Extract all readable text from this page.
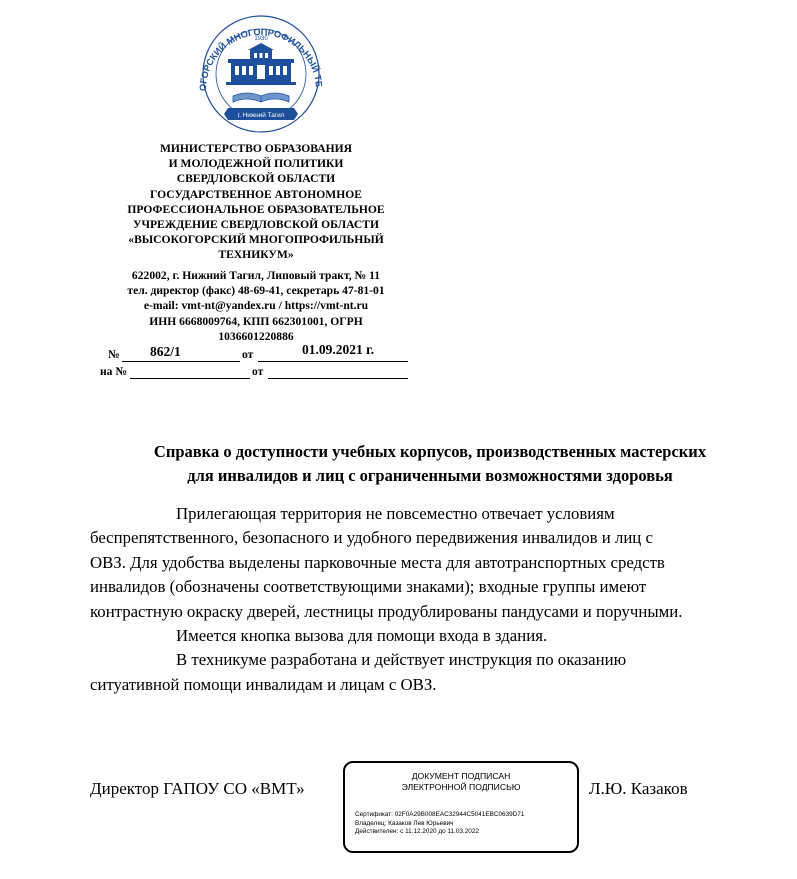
ОГОРСКИЙ МНОГОПРОФИЛЬНЫЙ ТЕ
1930
г. Нижний Тагил
МИНИСТЕРСТВО ОБРАЗОВАНИЯ
И МОЛОДЕЖНОЙ ПОЛИТИКИ
СВЕРДЛОВСКОЙ ОБЛАСТИ
ГОСУДАРСТВЕННОЕ АВТОНОМНОЕ
ПРОФЕССИОНАЛЬНОЕ ОБРАЗОВАТЕЛЬНОЕ
УЧРЕЖДЕНИЕ СВЕРДЛОВСКОЙ ОБЛАСТИ
«ВЫСОКОГОРСКИЙ МНОГОПРОФИЛЬНЫЙ
ТЕХНИКУМ»
622002, г. Нижний Тагил, Липовый тракт, № 11
тел. директор (факс) 48-69-41, секретарь 47-81-01
e-mail: vmt-nt@yandex.ru / https://vmt-nt.ru
ИНН 6668009764, КПП 662301001, ОГРН
1036601220886
№ 862/1	от	01.09.2021 г.
на №	от
Справка о доступности учебных корпусов, производственных мастерских
для инвалидов и лиц с ограниченными возможностями здоровья
Прилегающая территория не повсеместно отвечает условиям
беспрепятственного, безопасного и удобного передвижения инвалидов и лиц с
ОВЗ. Для удобства выделены парковочные места для автотранспортных средств
инвалидов (обозначены соответствующими знаками); входные группы имеют
контрастную окраску дверей, лестницы продублированы пандусами и поручными.
Имеется кнопка вызова для помощи входа в здания.
В техникуме разработана и действует инструкция по оказанию
ситуативной помощи инвалидам и лицам с ОВЗ.
Директор ГАПОУ СО «ВМТ»
ДОКУМЕНТ ПОДПИСАН
ЭЛЕКТРОННОЙ ПОДПИСЬЮ
Сертификат: 02F0A29B008EAC32944C5041EBC0639D71
Владелец: Казаков Лев Юрьевич
Действителен: с 11.12.2020 до 11.03.2022
Л.Ю. Казаков
